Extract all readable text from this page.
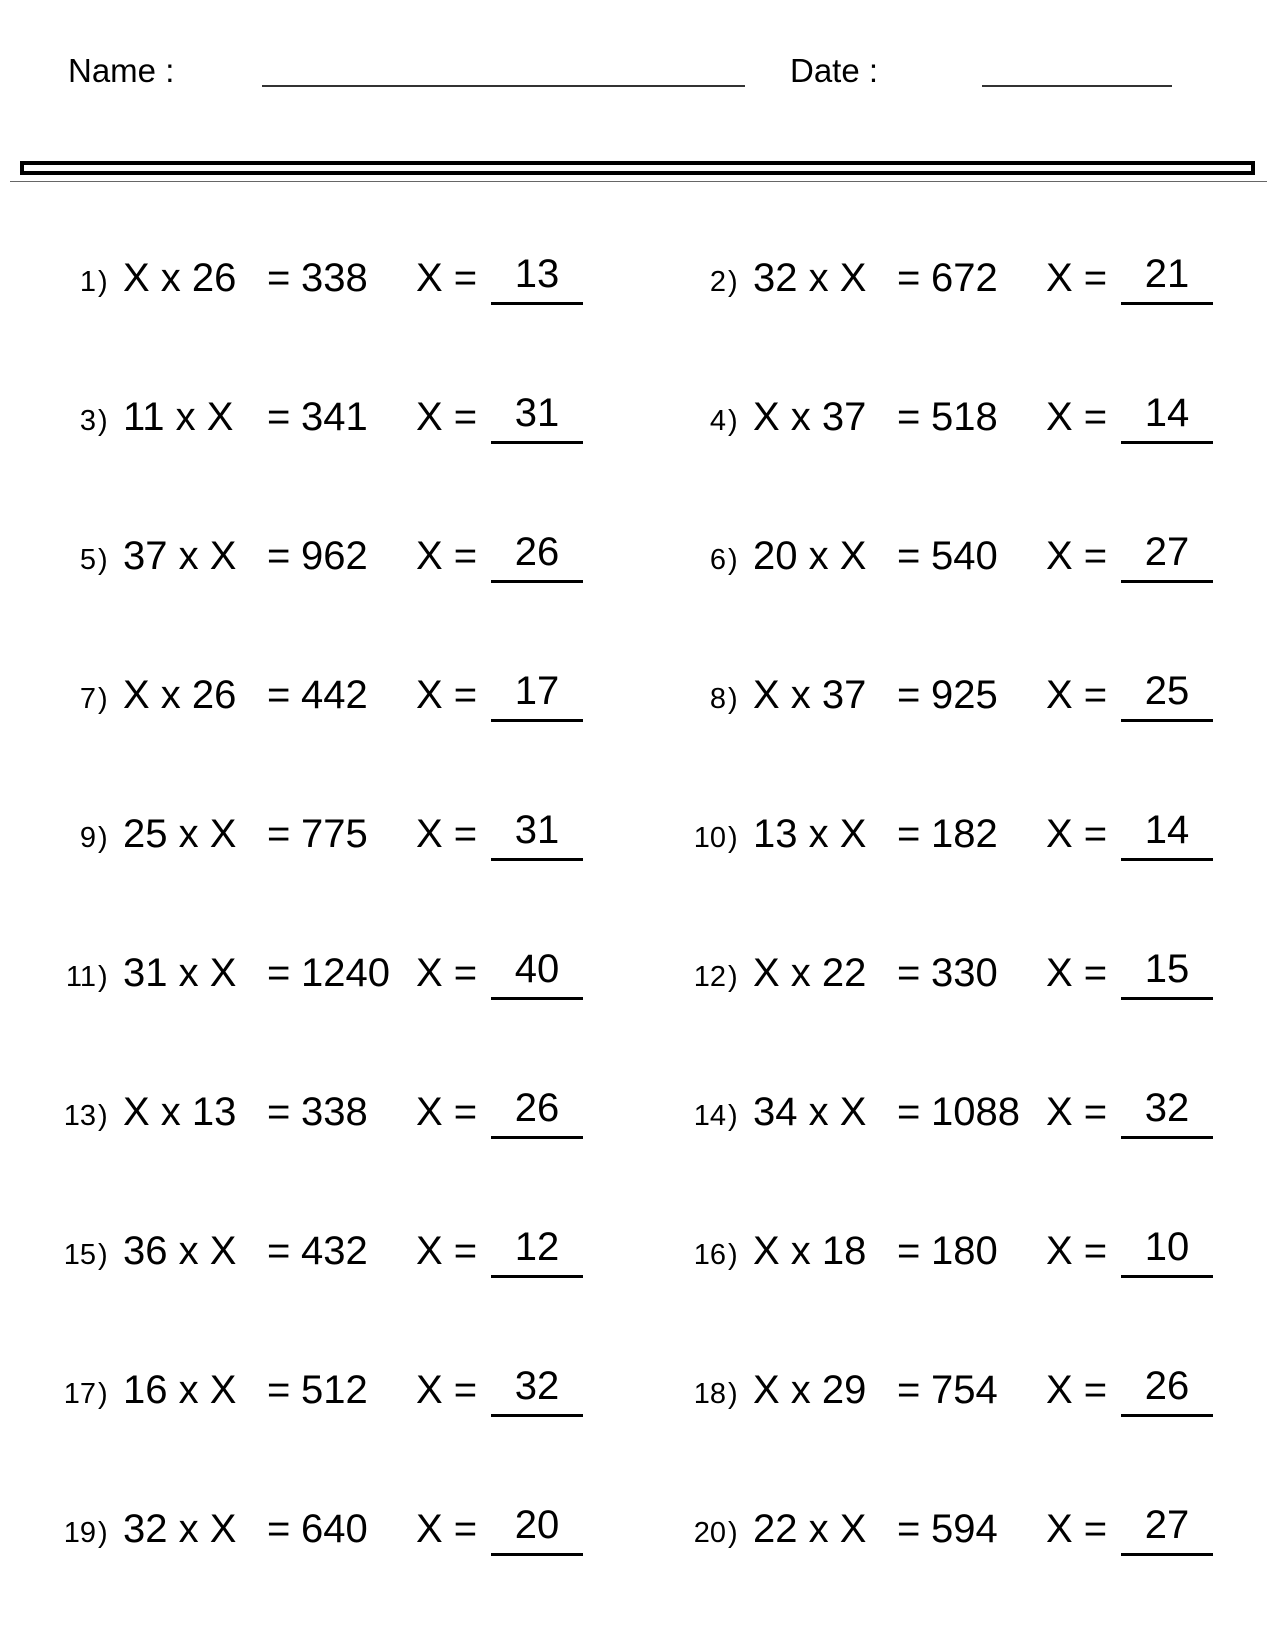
Name :	Date :
1 ) X x 26 = 338 X = 13	2 ) 32 x X = 672 X = 21
3 ) 11 x X = 341 X = 31	4 ) X x 37 = 518 X = 14
5 ) 37 x X = 962 X = 26	6 ) 20 x X = 540 X = 27
7 ) X x 26 = 442 X = 17	8 ) X x 37 = 925 X = 25
9 ) 25 x X = 775 X = 31	10 ) 13 x X = 182 X = 14
11 ) 31 x X = 1240 X = 40	12 ) X x 22 = 330 X = 15
13 ) X x 13 = 338 X = 26	14 ) 34 x X = 1088 X = 32
15 ) 36 x X = 432 X = 12	16 ) X x 18 = 180 X = 10
17 ) 16 x X = 512 X = 32	18 ) X x 29 = 754 X = 26
19 ) 32 x X = 640 X = 20	20 ) 22 x X = 594 X = 27
